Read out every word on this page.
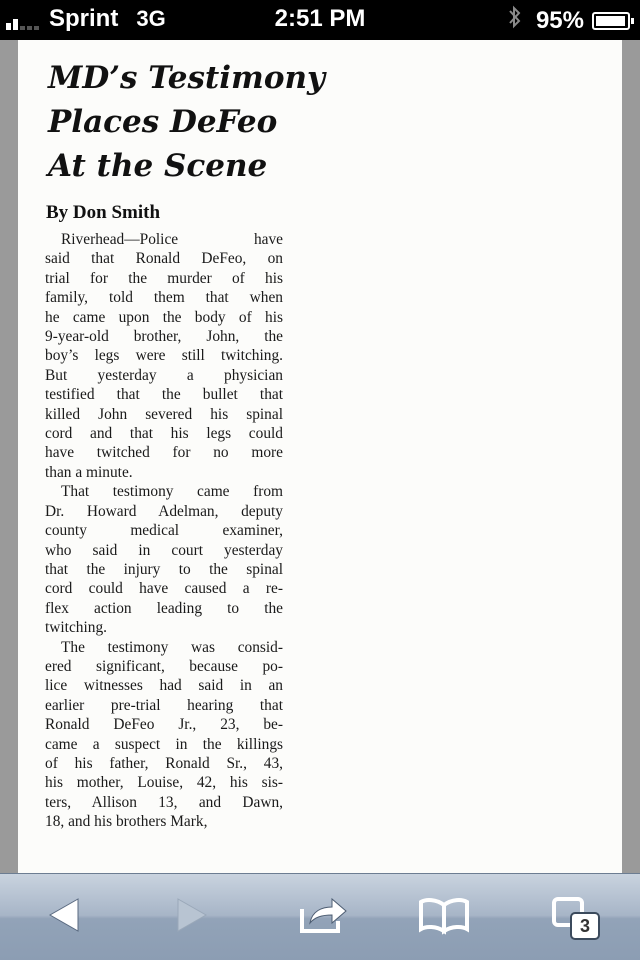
Sprint 3G	2:51 PM	95%
MD’s Testimony
Places DeFeo
At the Scene

By Don Smith

Riverhead—Police have
said that Ronald DeFeo, on
trial for the murder of his
family, told them that when
he came upon the body of his
9-year-old brother, John, the
boy’s legs were still twitching.
But yesterday a physician
testified that the bullet that
killed John severed his spinal
cord and that his legs could
have twitched for no more
than a minute.
That testimony came from
Dr. Howard Adelman, deputy
county medical examiner,
who said in court yesterday
that the injury to the spinal
cord could have caused a re-
flex action leading to the
twitching.
The testimony was consid-
ered significant, because po-
lice witnesses had said in an
earlier pre-trial hearing that
Ronald DeFeo Jr., 23, be-
came a suspect in the killings
of his father, Ronald Sr., 43,
his mother, Louise, 42, his sis-
ters, Allison 13, and Dawn,
18, and his brothers Mark,
3
